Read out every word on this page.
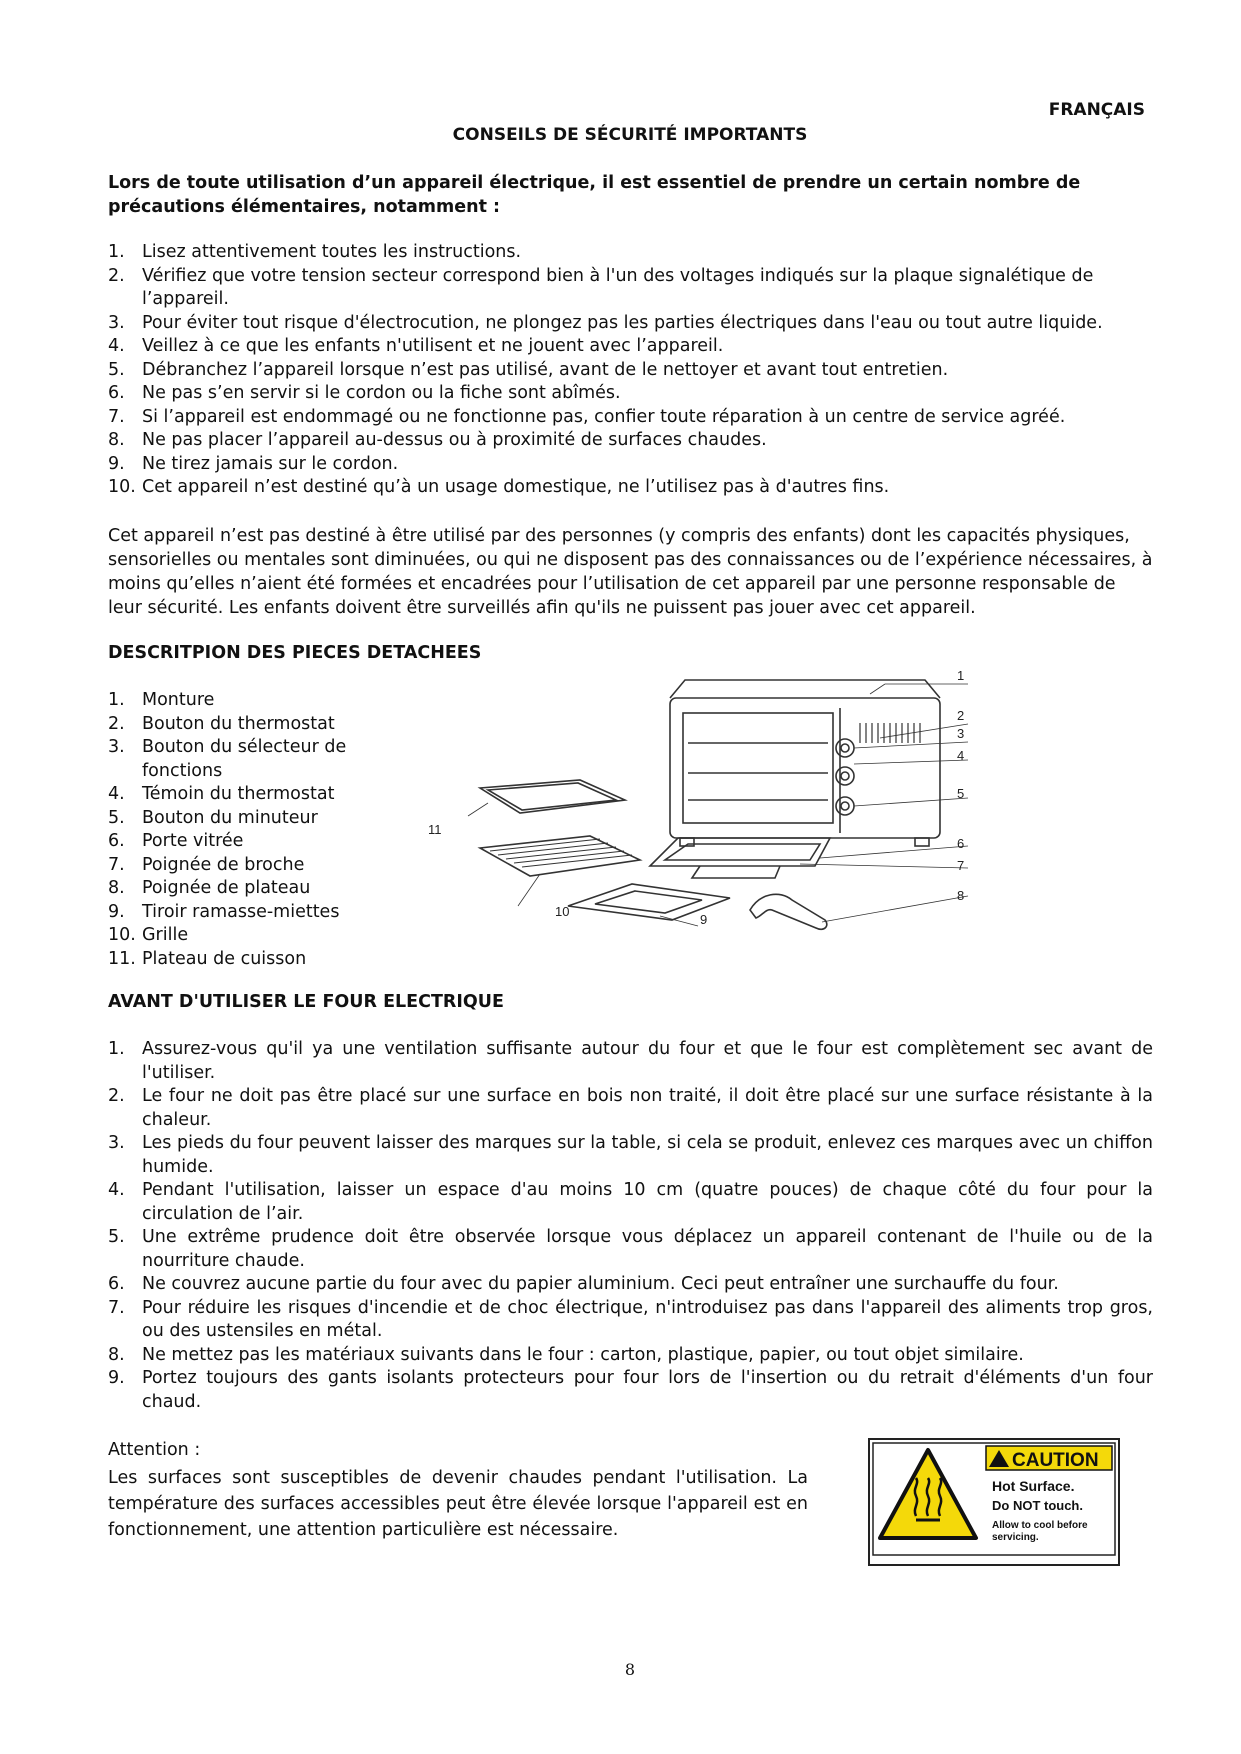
FRANÇAIS
CONSEILS DE SÉCURITÉ IMPORTANTS
Lors de toute utilisation d’un appareil électrique, il est essentiel de prendre un certain nombre de précautions élémentaires, notamment :
1. Lisez attentivement toutes les instructions.
2. Vérifiez que votre tension secteur correspond bien à l'un des voltages indiqués sur la plaque signalétique de l’appareil.
3. Pour éviter tout risque d'électrocution, ne plongez pas les parties électriques dans l'eau ou tout autre liquide.
4. Veillez à ce que les enfants n'utilisent et ne jouent avec l’appareil.
5. Débranchez l’appareil lorsque n’est pas utilisé, avant de le nettoyer et avant tout entretien.
6. Ne pas s’en servir si le cordon ou la fiche sont abîmés.
7. Si l’appareil est endommagé ou ne fonctionne pas, confier toute réparation à un centre de service agréé.
8. Ne pas placer l’appareil au-dessus ou à proximité de surfaces chaudes.
9. Ne tirez jamais sur le cordon.
10. Cet appareil n’est destiné qu’à un usage domestique, ne l’utilisez pas à d'autres fins.
Cet appareil n’est pas destiné à être utilisé par des personnes (y compris des enfants) dont les capacités physiques, sensorielles ou mentales sont diminuées, ou qui ne disposent pas des connaissances ou de l’expérience nécessaires, à moins qu’elles n’aient été formées et encadrées pour l’utilisation de cet appareil par une personne responsable de leur sécurité. Les enfants doivent être surveillés afin qu'ils ne puissent pas jouer avec cet appareil.
DESCRITPION DES PIECES DETACHEES
1. Monture
2. Bouton du thermostat
3. Bouton du sélecteur de fonctions
4. Témoin du thermostat
5. Bouton du minuteur
6. Porte vitrée
7. Poignée de broche
8. Poignée de plateau
9. Tiroir ramasse-miettes
10. Grille
11. Plateau de cuisson
1
2
3
4
5
6
7
8
9
10
11
AVANT D'UTILISER LE FOUR ELECTRIQUE
1. Assurez-vous qu'il ya une ventilation suffisante autour du four et que le four est complètement sec avant de l'utiliser.
2. Le four ne doit pas être placé sur une surface en bois non traité, il doit être placé sur une surface résistante à la chaleur.
3. Les pieds du four peuvent laisser des marques sur la table, si cela se produit, enlevez ces marques avec un chiffon humide.
4. Pendant l'utilisation, laisser un espace d'au moins 10 cm (quatre pouces) de chaque côté du four pour la circulation de l’air.
5. Une extrême prudence doit être observée lorsque vous déplacez un appareil contenant de l'huile ou de la nourriture chaude.
6. Ne couvrez aucune partie du four avec du papier aluminium. Ceci peut entraîner une surchauffe du four.
7. Pour réduire les risques d'incendie et de choc électrique, n'introduisez pas dans l'appareil des aliments trop gros, ou des ustensiles en métal.
8. Ne mettez pas les matériaux suivants dans le four : carton, plastique, papier, ou tout objet similaire.
9. Portez toujours des gants isolants protecteurs pour four lors de l'insertion ou du retrait d'éléments d'un four chaud.
Attention :
Les surfaces sont susceptibles de devenir chaudes pendant l'utilisation. La température des surfaces accessibles peut être élevée lorsque l'appareil est en fonctionnement, une attention particulière est nécessaire.
CAUTION
Hot Surface.
Do NOT touch.
Allow to cool before
servicing.
8
